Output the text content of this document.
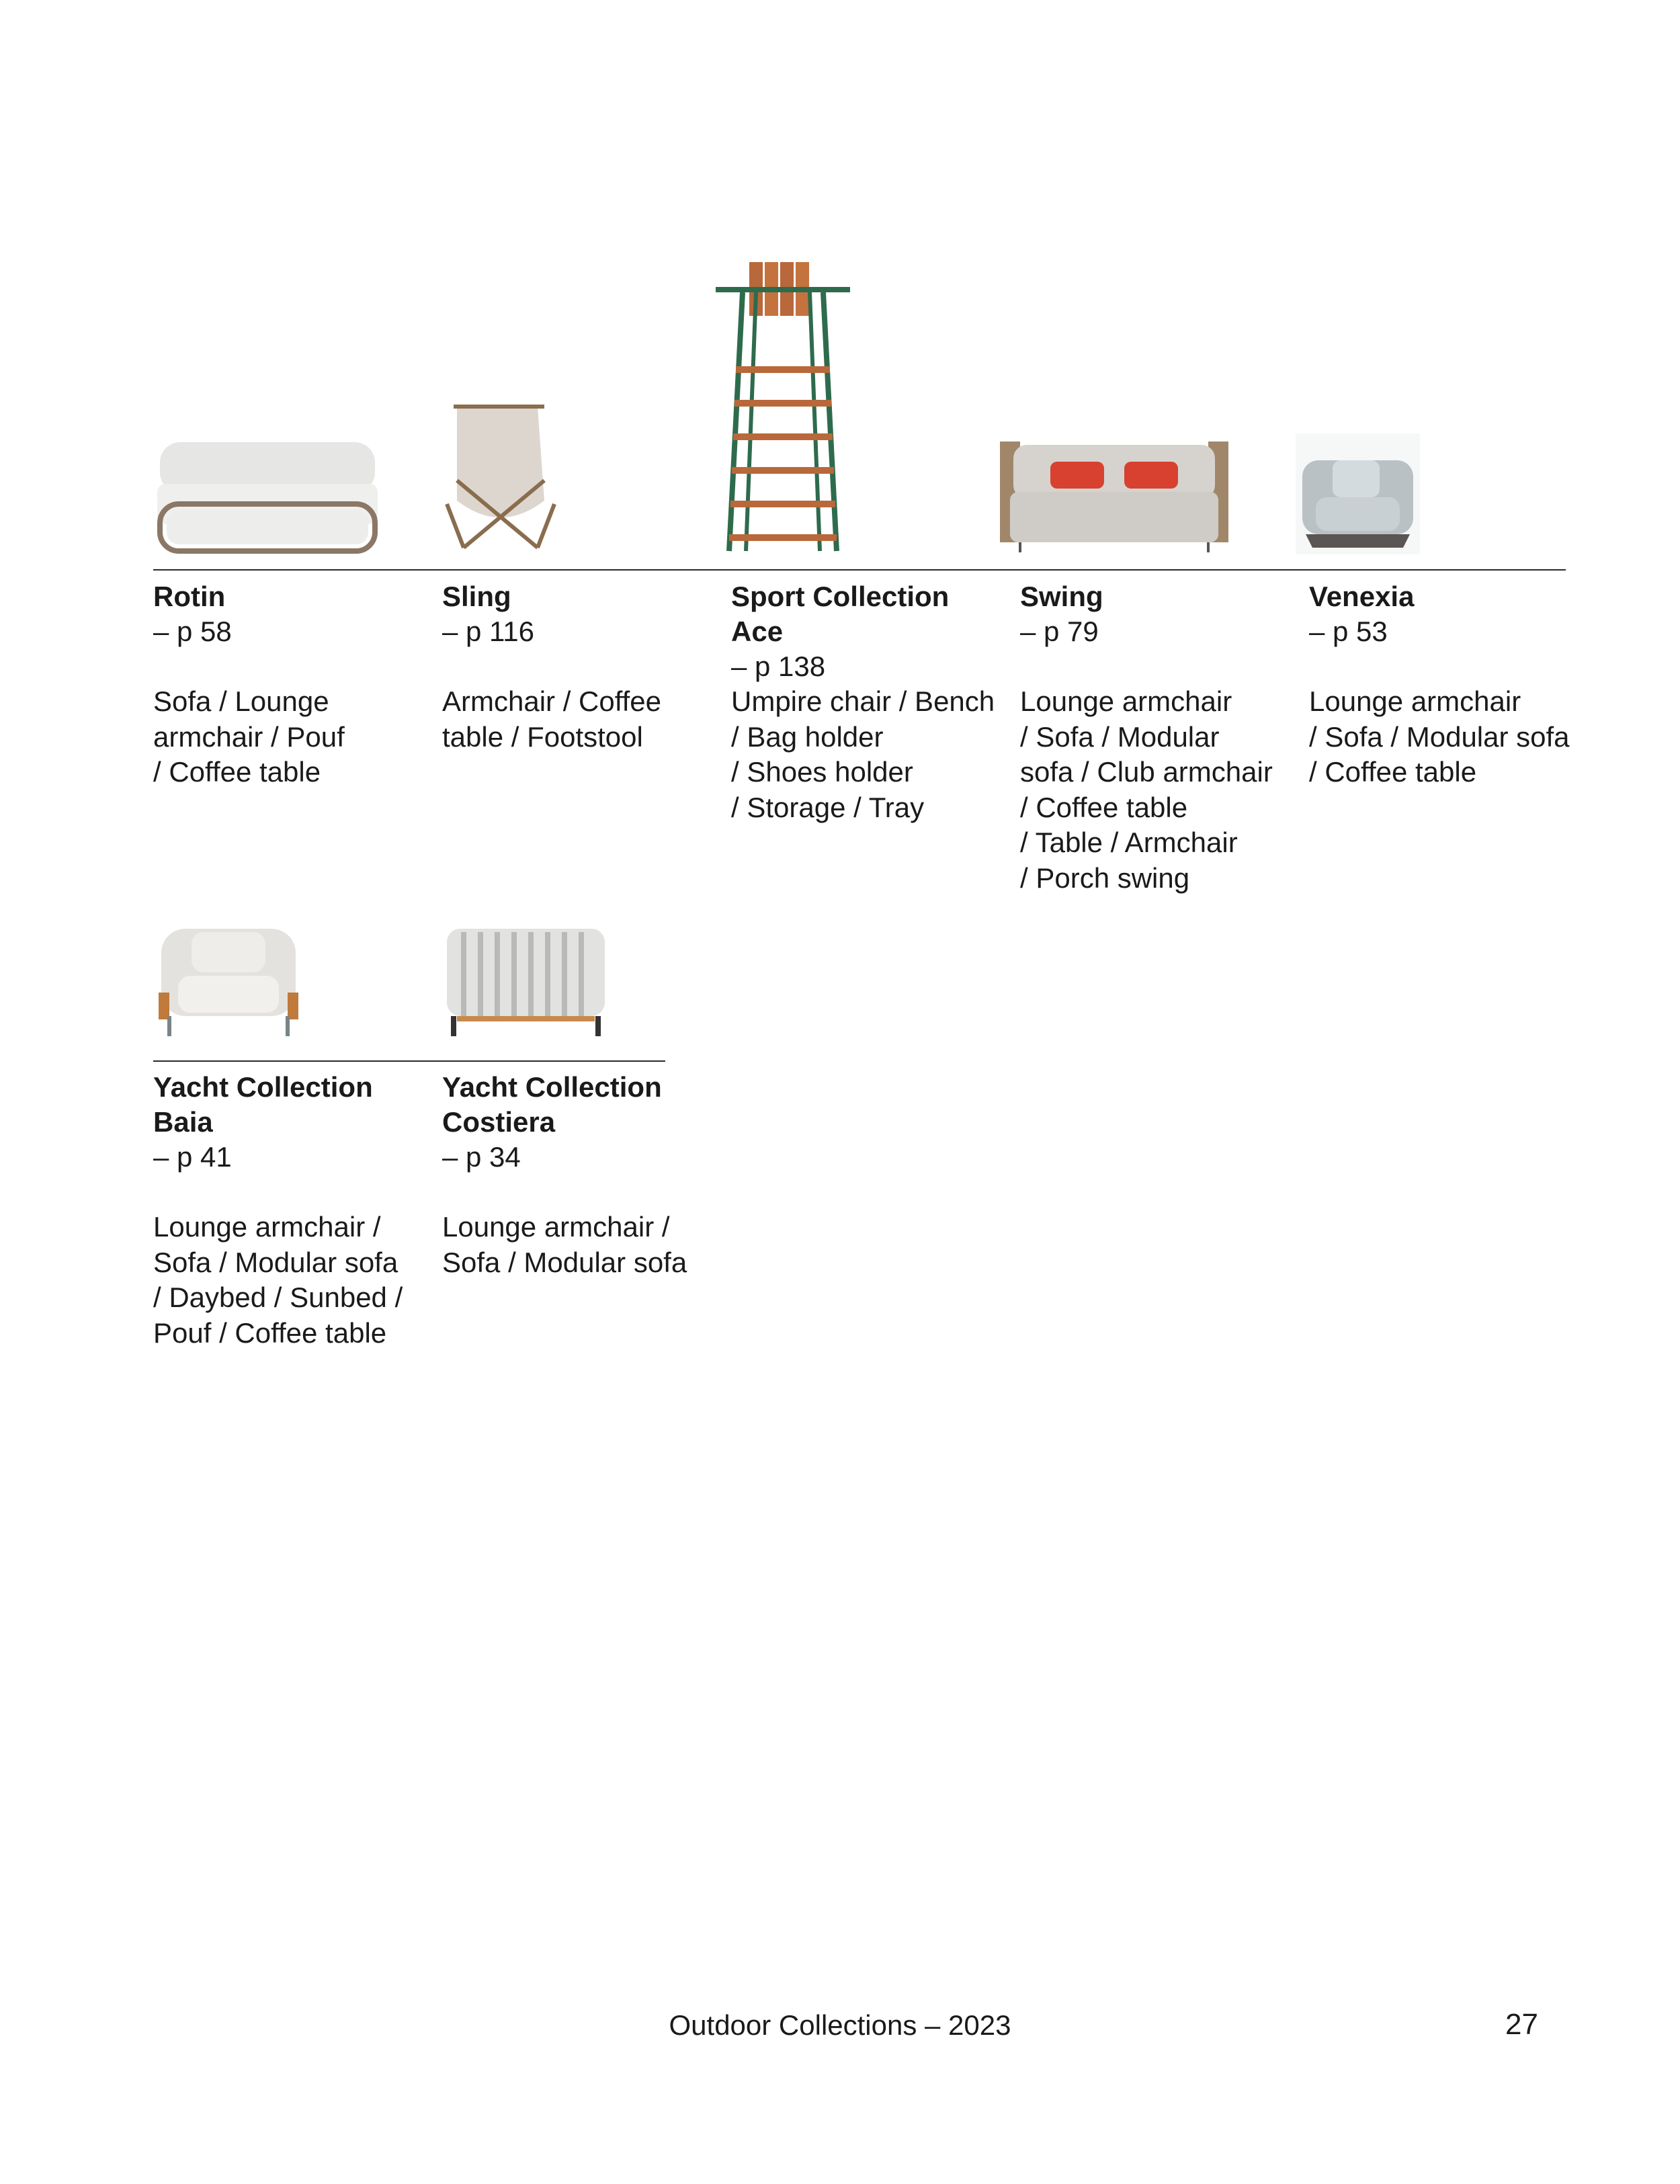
Rotin
– p 58
Sofa / Lounge
armchair / Pouf
/ Coffee table
Sling
– p 116
Armchair / Coffee
table / Footstool
Sport Collection
Ace
– p 138
Umpire chair / Bench
/ Bag holder
/ Shoes holder
/ Storage / Tray
Swing
– p 79
Lounge armchair
/ Sofa / Modular
sofa / Club armchair
/ Coffee table
/ Table / Armchair
/ Porch swing
Venexia
– p 53
Lounge armchair
/ Sofa / Modular sofa
/ Coffee table
Yacht Collection
Baia
– p 41
Lounge armchair /
Sofa / Modular sofa
/ Daybed / Sunbed /
Pouf / Coffee table
Yacht Collection
Costiera
– p 34
Lounge armchair /
Sofa / Modular sofa
Outdoor Collections – 2023	27
